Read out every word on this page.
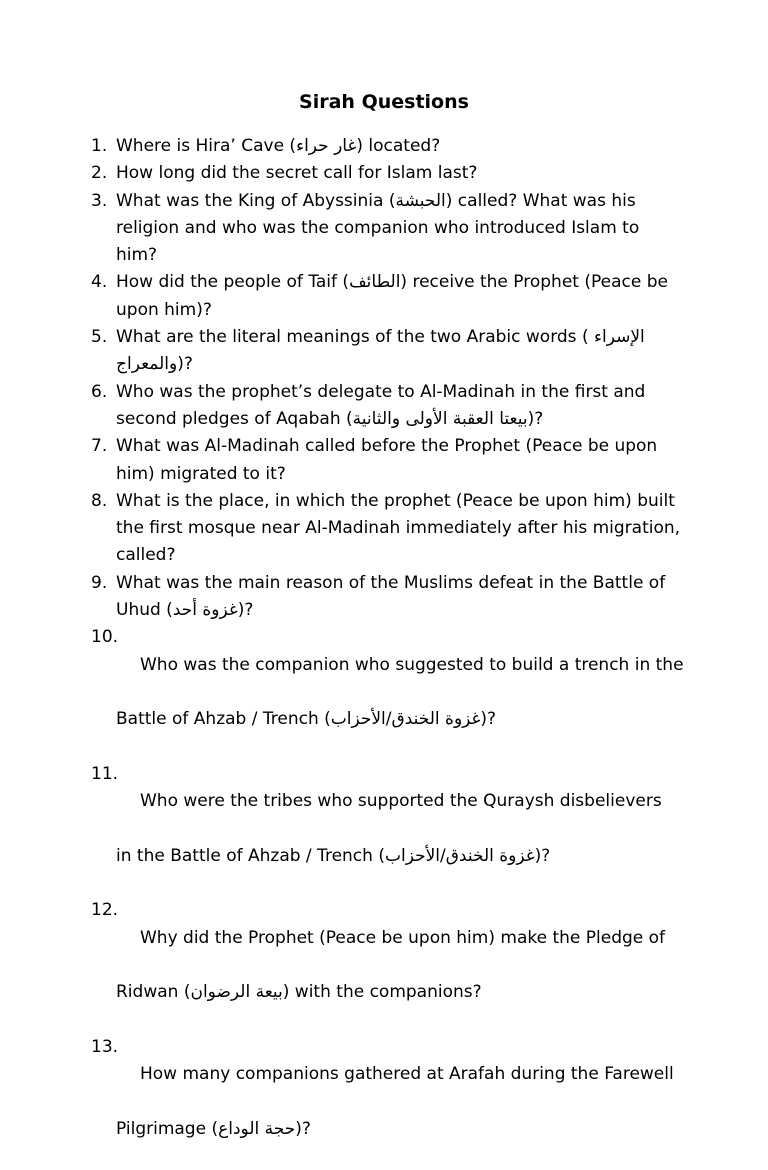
Sirah Questions
1. Where is Hira’ Cave (غار حراء) located?
2. How long did the secret call for Islam last?
3. What was the King of Abyssinia (الحبشة) called? What was his
religion and who was the companion who introduced Islam to
him?
4. How did the people of Taif (الطائف) receive the Prophet (Peace be
upon him)?
5. What are the literal meanings of the two Arabic words ( الإسراء
والمعراج)?
6. Who was the prophet’s delegate to Al-Madinah in the first and
second pledges of Aqabah (بيعتا العقبة الأولى والثانية)?
7. What was Al-Madinah called before the Prophet (Peace be upon
him) migrated to it?
8. What is the place, in which the prophet (Peace be upon him) built
the first mosque near Al-Madinah immediately after his migration,
called?
9. What was the main reason of the Muslims defeat in the Battle of
Uhud (غزوة أحد)?
10.

Who was the companion who suggested to build a trench in the

Battle of Ahzab / Trench (غزوة الخندق/الأحزاب)?

11.

Who were the tribes who supported the Quraysh disbelievers

in the Battle of Ahzab / Trench (غزوة الخندق/الأحزاب)?

12.

Why did the Prophet (Peace be upon him) make the Pledge of

Ridwan (بيعة الرضوان) with the companions?

13.

How many companions gathered at Arafah during the Farewell

Pilgrimage (حجة الوداع)?
